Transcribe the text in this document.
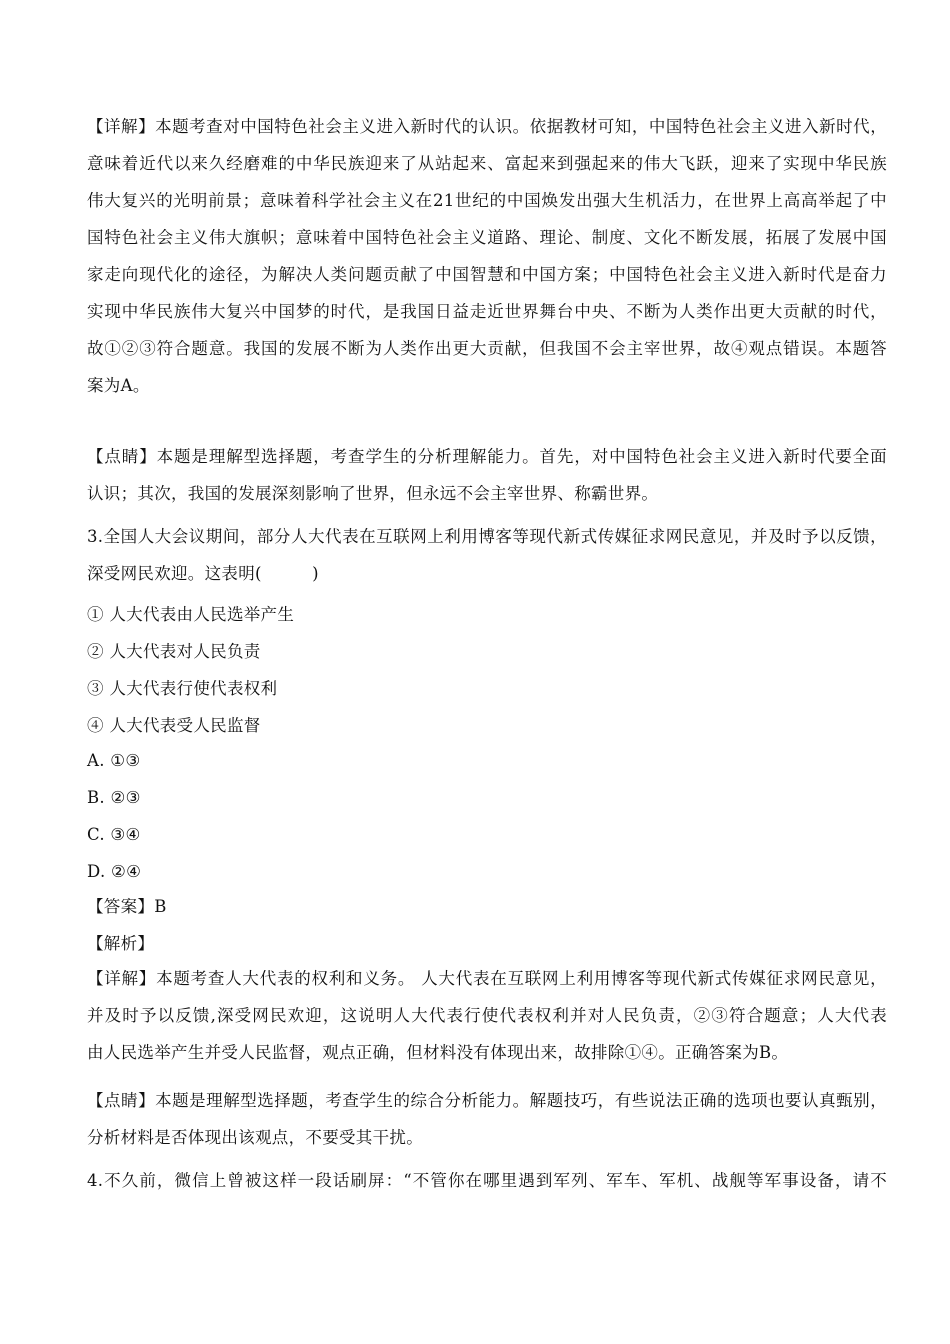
【详解】本题考查对中国特色社会主义进入新时代的认识。依据教材可知，中国特色社会主义进入新时代，
意味着近代以来久经磨难的中华民族迎来了从站起来、富起来到强起来的伟大飞跃，迎来了实现中华民族
伟大复兴的光明前景；意味着科学社会主义在21世纪的中国焕发出强大生机活力，在世界上高高举起了中
国特色社会主义伟大旗帜；意味着中国特色社会主义道路、理论、制度、文化不断发展，拓展了发展中国
家走向现代化的途径，为解决人类问题贡献了中国智慧和中国方案；中国特色社会主义进入新时代是奋力
实现中华民族伟大复兴中国梦的时代，是我国日益走近世界舞台中央、不断为人类作出更大贡献的时代，
故①②③符合题意。我国的发展不断为人类作出更大贡献，但我国不会主宰世界，故④观点错误。本题答
案为A。
【点睛】本题是理解型选择题，考查学生的分析理解能力。首先，对中国特色社会主义进入新时代要全面
认识；其次，我国的发展深刻影响了世界，但永远不会主宰世界、称霸世界。
3.全国人大会议期间，部分人大代表在互联网上利用博客等现代新式传媒征求网民意见，并及时予以反馈，
深受网民欢迎。这表明(　　　)
① 人大代表由人民选举产生
② 人大代表对人民负责
③ 人大代表行使代表权利
④ 人大代表受人民监督
A. ①③
B. ②③
C. ③④
D. ②④
【答案】B
【解析】
【详解】本题考查人大代表的权利和义务。 人大代表在互联网上利用博客等现代新式传媒征求网民意见，
并及时予以反馈,深受网民欢迎，这说明人大代表行使代表权利并对人民负责，②③符合题意；人大代表
由人民选举产生并受人民监督，观点正确，但材料没有体现出来，故排除①④。正确答案为B。
【点睛】本题是理解型选择题，考查学生的综合分析能力。解题技巧，有些说法正确的选项也要认真甄别，
分析材料是否体现出该观点，不要受其干扰。
4.不久前，微信上曾被这样一段话刷屏：“不管你在哪里遇到军列、军车、军机、战舰等军事设备，请不
